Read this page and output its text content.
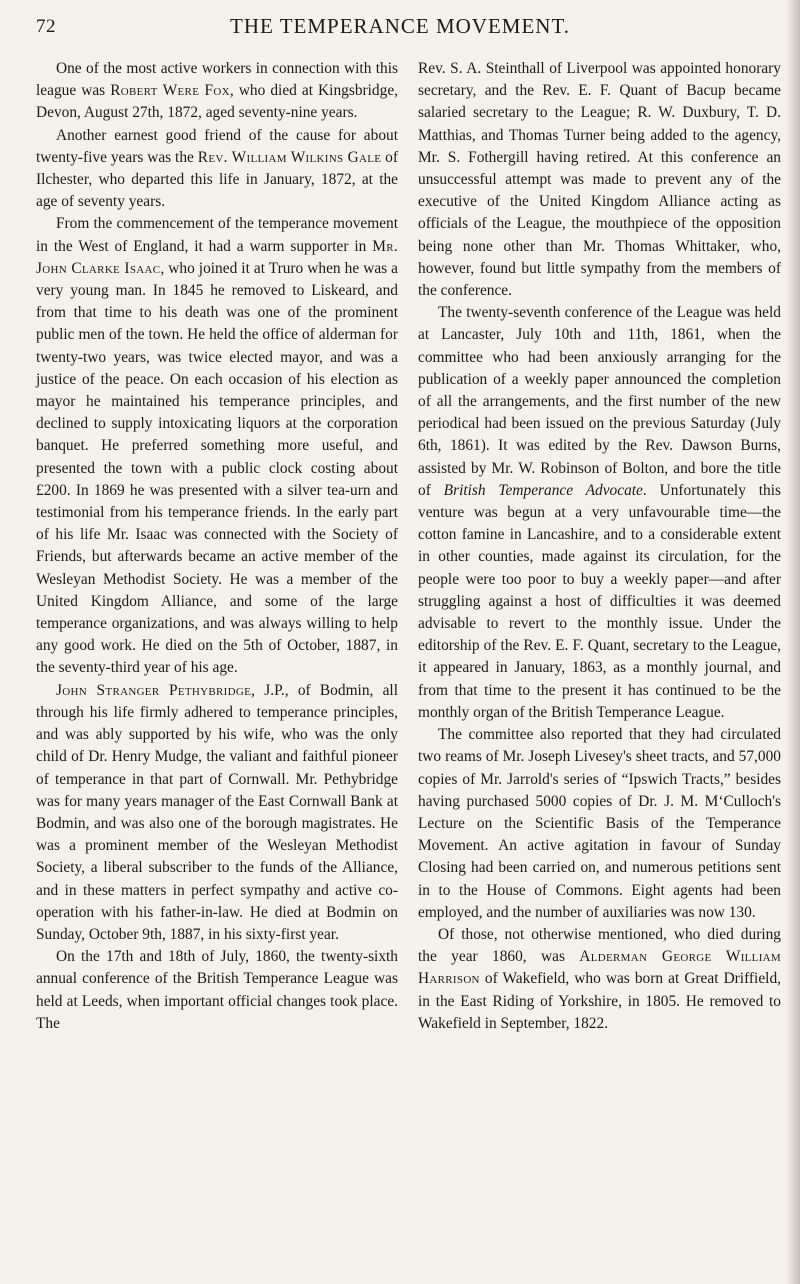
72	THE TEMPERANCE MOVEMENT.

One of the most active workers in connection with this league was Robert Were Fox, who died at Kingsbridge, Devon, August 27th, 1872, aged seventy-nine years.

Another earnest good friend of the cause for about twenty-five years was the Rev. William Wilkins Gale of Ilchester, who departed this life in January, 1872, at the age of seventy years.

From the commencement of the temperance movement in the West of England, it had a warm supporter in Mr. John Clarke Isaac, who joined it at Truro when he was a very young man. In 1845 he removed to Liskeard, and from that time to his death was one of the prominent public men of the town. He held the office of alderman for twenty-two years, was twice elected mayor, and was a justice of the peace. On each occasion of his election as mayor he maintained his temperance principles, and declined to supply intoxicating liquors at the corporation banquet. He preferred something more useful, and presented the town with a public clock costing about £200. In 1869 he was presented with a silver tea-urn and testimonial from his temperance friends. In the early part of his life Mr. Isaac was connected with the Society of Friends, but afterwards became an active member of the Wesleyan Methodist Society. He was a member of the United Kingdom Alliance, and some of the large temperance organizations, and was always willing to help any good work. He died on the 5th of October, 1887, in the seventy-third year of his age.

John Stranger Pethybridge, J.P., of Bodmin, all through his life firmly adhered to temperance principles, and was ably supported by his wife, who was the only child of Dr. Henry Mudge, the valiant and faithful pioneer of temperance in that part of Cornwall. Mr. Pethybridge was for many years manager of the East Cornwall Bank at Bodmin, and was also one of the borough magistrates. He was a prominent member of the Wesleyan Methodist Society, a liberal subscriber to the funds of the Alliance, and in these matters in perfect sympathy and active co-operation with his father-in-law. He died at Bodmin on Sunday, October 9th, 1887, in his sixty-first year.

On the 17th and 18th of July, 1860, the twenty-sixth annual conference of the British Temperance League was held at Leeds, when important official changes took place. The

Rev. S. A. Steinthall of Liverpool was appointed honorary secretary, and the Rev. E. F. Quant of Bacup became salaried secretary to the League; R. W. Duxbury, T. D. Matthias, and Thomas Turner being added to the agency, Mr. S. Fothergill having retired. At this conference an unsuccessful attempt was made to prevent any of the executive of the United Kingdom Alliance acting as officials of the League, the mouthpiece of the opposition being none other than Mr. Thomas Whittaker, who, however, found but little sympathy from the members of the conference.

The twenty-seventh conference of the League was held at Lancaster, July 10th and 11th, 1861, when the committee who had been anxiously arranging for the publication of a weekly paper announced the completion of all the arrangements, and the first number of the new periodical had been issued on the previous Saturday (July 6th, 1861). It was edited by the Rev. Dawson Burns, assisted by Mr. W. Robinson of Bolton, and bore the title of British Temperance Advocate. Unfortunately this venture was begun at a very unfavourable time—the cotton famine in Lancashire, and to a considerable extent in other counties, made against its circulation, for the people were too poor to buy a weekly paper—and after struggling against a host of difficulties it was deemed advisable to revert to the monthly issue. Under the editorship of the Rev. E. F. Quant, secretary to the League, it appeared in January, 1863, as a monthly journal, and from that time to the present it has continued to be the monthly organ of the British Temperance League.

The committee also reported that they had circulated two reams of Mr. Joseph Livesey's sheet tracts, and 57,000 copies of Mr. Jarrold's series of “Ipswich Tracts,” besides having purchased 5000 copies of Dr. J. M. M‘Culloch's Lecture on the Scientific Basis of the Temperance Movement. An active agitation in favour of Sunday Closing had been carried on, and numerous petitions sent in to the House of Commons. Eight agents had been employed, and the number of auxiliaries was now 130.

Of those, not otherwise mentioned, who died during the year 1860, was Alderman George William Harrison of Wakefield, who was born at Great Driffield, in the East Riding of Yorkshire, in 1805. He removed to Wakefield in September, 1822.
